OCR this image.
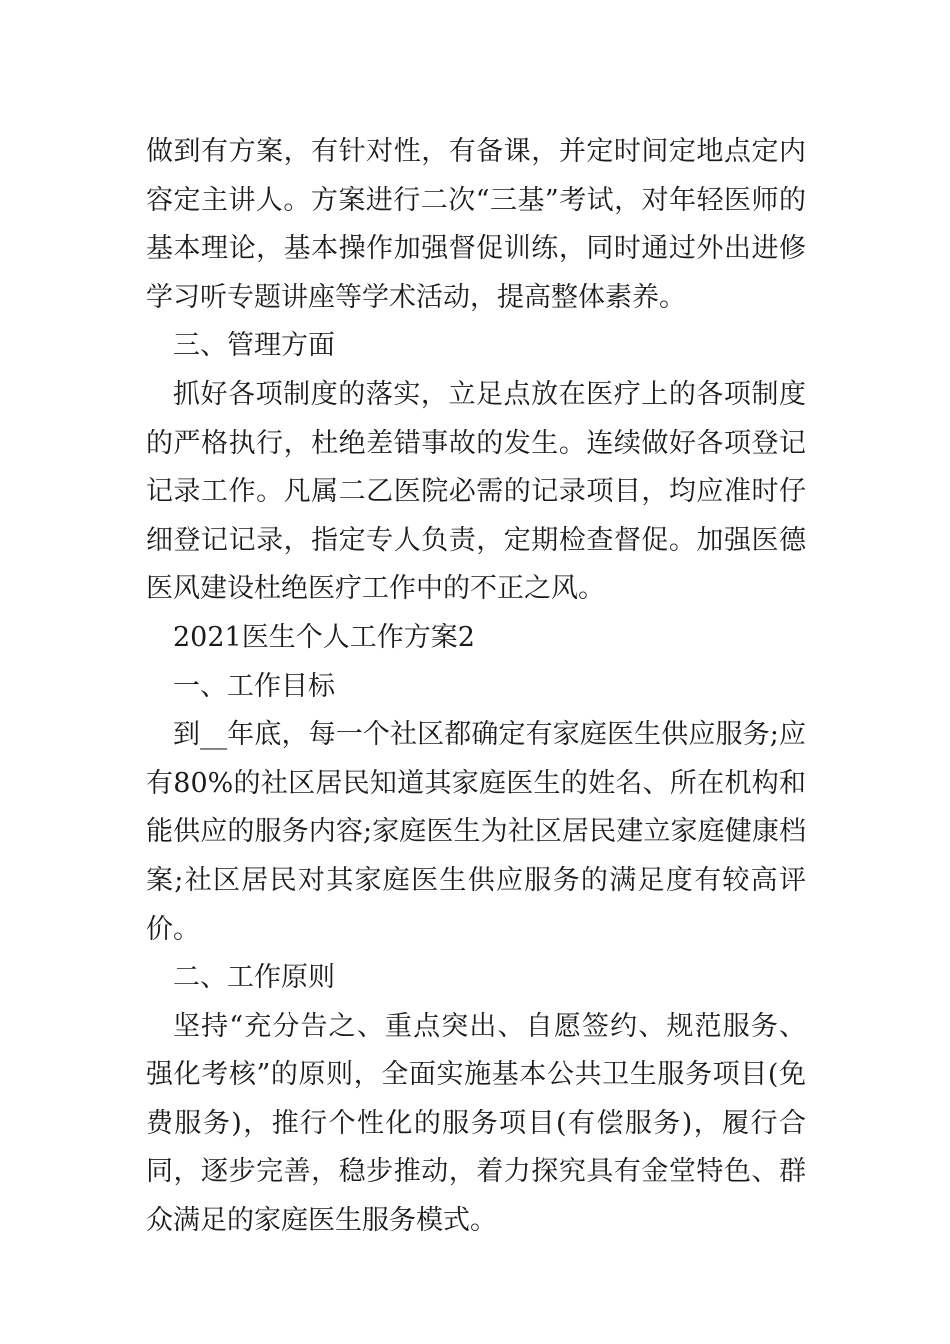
做到有方案，有针对性，有备课，并定时间定地点定内容定主讲人。方案进行二次“三基”考试，对年轻医师的基本理论，基本操作加强督促训练，同时通过外出进修学习听专题讲座等学术活动，提高整体素养。

三、管理方面

抓好各项制度的落实，立足点放在医疗上的各项制度的严格执行，杜绝差错事故的发生。连续做好各项登记记录工作。凡属二乙医院必需的记录项目，均应准时仔细登记记录，指定专人负责，定期检查督促。加强医德医风建设杜绝医疗工作中的不正之风。

2021医生个人工作方案2

一、工作目标

到__年底，每一个社区都确定有家庭医生供应服务;应有80%的社区居民知道其家庭医生的姓名、所在机构和能供应的服务内容;家庭医生为社区居民建立家庭健康档案;社区居民对其家庭医生供应服务的满足度有较高评价。

二、工作原则

坚持“充分告之、重点突出、自愿签约、规范服务、强化考核”的原则，全面实施基本公共卫生服务项目(免费服务)，推行个性化的服务项目(有偿服务)，履行合同，逐步完善，稳步推动，着力探究具有金堂特色、群众满足的家庭医生服务模式。
